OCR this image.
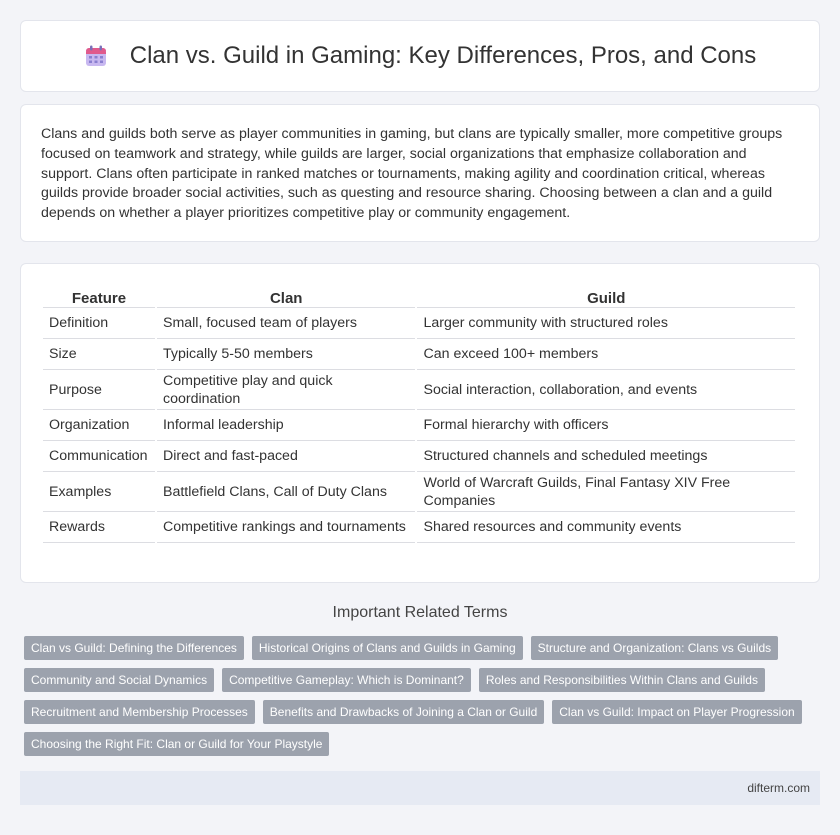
Clan vs. Guild in Gaming: Key Differences, Pros, and Cons

Clans and guilds both serve as player communities in gaming, but clans are typically smaller, more competitive groups focused on teamwork and strategy, while guilds are larger, social organizations that emphasize collaboration and support. Clans often participate in ranked matches or tournaments, making agility and coordination critical, whereas guilds provide broader social activities, such as questing and resource sharing. Choosing between a clan and a guild depends on whether a player prioritizes competitive play or community engagement.

Feature	Clan	Guild
Definition	Small, focused team of players	Larger community with structured roles
Size	Typically 5-50 members	Can exceed 100+ members
Purpose	Competitive play and quick coordination	Social interaction, collaboration, and events
Organization	Informal leadership	Formal hierarchy with officers
Communication	Direct and fast-paced	Structured channels and scheduled meetings
Examples	Battlefield Clans, Call of Duty Clans	World of Warcraft Guilds, Final Fantasy XIV Free Companies
Rewards	Competitive rankings and tournaments	Shared resources and community events
Important Related Terms
Clan vs Guild: Defining the Differences	Historical Origins of Clans and Guilds in Gaming	Structure and Organization: Clans vs Guilds
Community and Social Dynamics	Competitive Gameplay: Which is Dominant?	Roles and Responsibilities Within Clans and Guilds
Recruitment and Membership Processes	Benefits and Drawbacks of Joining a Clan or Guild	Clan vs Guild: Impact on Player Progression
Choosing the Right Fit: Clan or Guild for Your Playstyle
difterm.com
